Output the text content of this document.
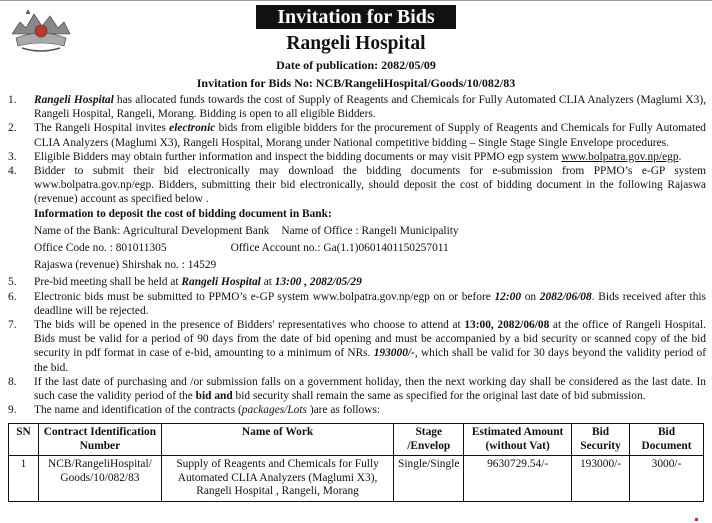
Invitation for Bids
Rangeli Hospital
Date of publication: 2082/05/09
Invitation for Bids No: NCB/RangeliHospital/Goods/10/082/83
1.	Rangeli Hospital has allocated funds towards the cost of Supply of Reagents and Chemicals for Fully Automated CLIA Analyzers (Maglumi X3), Rangeli Hospital, Rangeli, Morang. Bidding is open to all eligible Bidders.
2.	The Rangeli Hospital invites electronic bids from eligible bidders for the procurement of Supply of Reagents and Chemicals for Fully Automated CLIA Analyzers (Maglumi X3), Rangeli Hospital, Morang under National competitive bidding – Single Stage Single Envelope procedures.
3.	Eligible Bidders may obtain further information and inspect the bidding documents or may visit PPMO egp system www.bolpatra.gov.np/egp.
4.	Bidder to submit their bid electronically may download the bidding documents for e-submission from PPMO’s e-GP system www.bolpatra.gov.np/egp. Bidders, submitting their bid electronically, should deposit the cost of bidding document in the following Rajaswa (revenue) account as specified below .
Information to deposit the cost of bidding document in Bank:
Name of the Bank: Agricultural Development Bank Name of Office : Rangeli Municipality
Office Code no. : 801011305	Office Account no.: Ga(1.1)0601401150257011
Rajaswa (revenue) Shirshak no. : 14529
5.	Pre-bid meeting shall be held at Rangeli Hospital at 13:00 , 2082/05/29
6.	Electronic bids must be submitted to PPMO’s e-GP system www.bolpatra.gov.np/egp on or before 12:00 on 2082/06/08. Bids received after this deadline will be rejected.
7.	The bids will be opened in the presence of Bidders' representatives who choose to attend at 13:00, 2082/06/08 at the office of Rangeli Hospital. Bids must be valid for a period of 90 days from the date of bid opening and must be accompanied by a bid security or scanned copy of the bid security in pdf format in case of e-bid, amounting to a minimum of NRs. 193000/-, which shall be valid for 30 days beyond the validity period of the bid.
8.	If the last date of purchasing and /or submission falls on a government holiday, then the next working day shall be considered as the last date. In such case the validity period of the bid and bid security shall remain the same as specified for the original last date of bid submission.
9.	The name and identification of the contracts (packages/Lots )are as follows:
SN	Contract Identification Number	Name of Work	Stage /Envelop	Estimated Amount (without Vat)	Bid Security	Bid Document
1	NCB/RangeliHospital/ Goods/10/082/83	Supply of Reagents and Chemicals for Fully Automated CLIA Analyzers (Maglumi X3), Rangeli Hospital , Rangeli, Morang	Single/Single	9630729.54/-	193000/-	3000/-
